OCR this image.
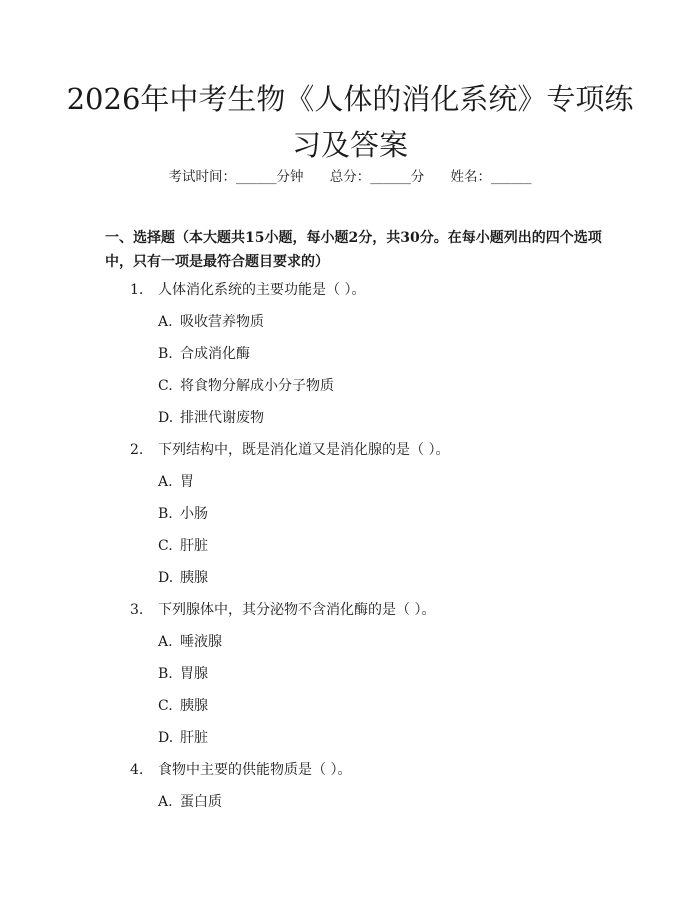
2026年中考生物《人体的消化系统》专项练习及答案
考试时间：______分钟 总分：______分 姓名：______

一、选择题（本大题共15小题，每小题2分，共30分。在每小题列出的四个选项中，只有一项是最符合题目要求的）

1. 人体消化系统的主要功能是（ ）。
A. 吸收营养物质
B. 合成消化酶
C. 将食物分解成小分子物质
D. 排泄代谢废物
2. 下列结构中，既是消化道又是消化腺的是（ ）。
A. 胃
B. 小肠
C. 肝脏
D. 胰腺
3. 下列腺体中，其分泌物不含消化酶的是（ ）。
A. 唾液腺
B. 胃腺
C. 胰腺
D. 肝脏
4. 食物中主要的供能物质是（ ）。
A. 蛋白质
